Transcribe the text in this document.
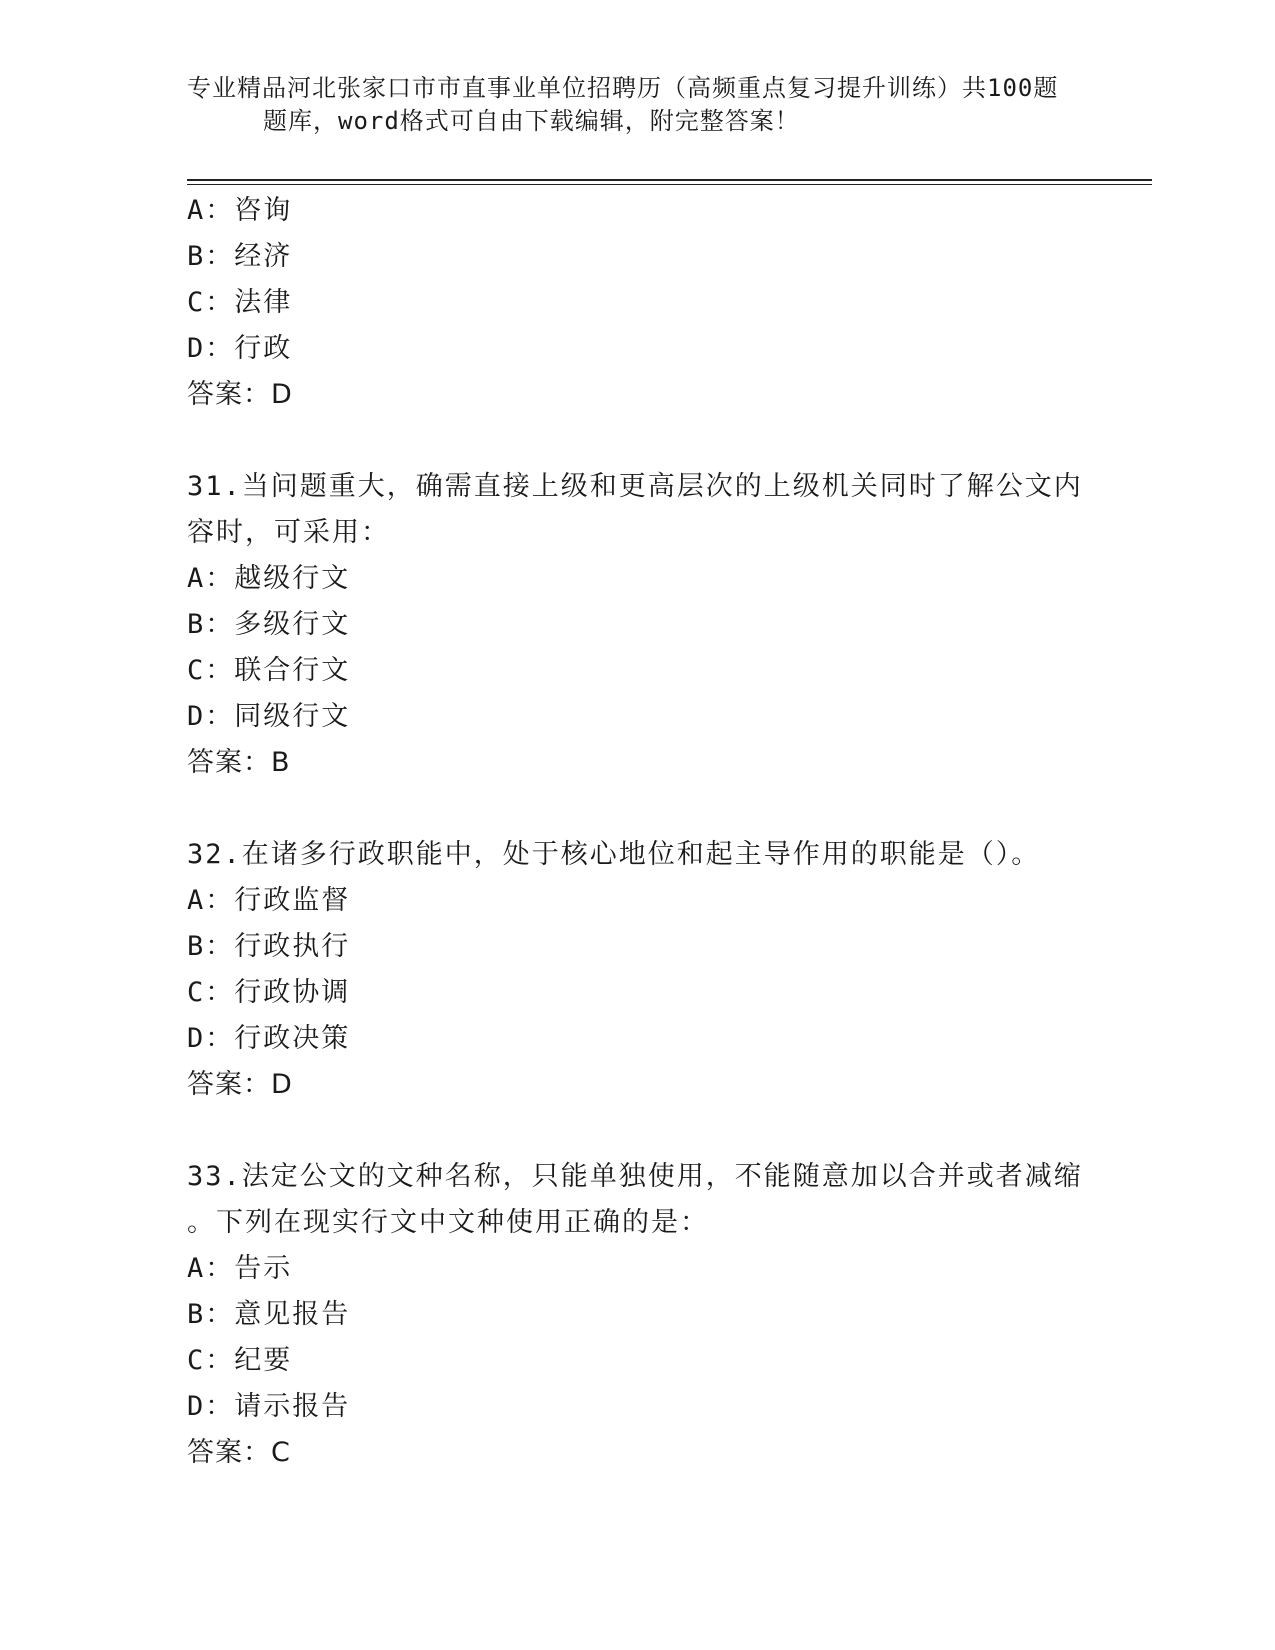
专业精品河北张家口市市直事业单位招聘历（高频重点复习提升训练）共100题
题库，word格式可自由下载编辑，附完整答案！
A：咨询
B：经济
C：法律
D：行政
答案：D
31.当问题重大，确需直接上级和更高层次的上级机关同时了解公文内
容时，可采用：
A：越级行文
B：多级行文
C：联合行文
D：同级行文
答案：B
32.在诸多行政职能中，处于核心地位和起主导作用的职能是（）。
A：行政监督
B：行政执行
C：行政协调
D：行政决策
答案：D
33.法定公文的文种名称，只能单独使用，不能随意加以合并或者减缩
。下列在现实行文中文种使用正确的是：
A：告示
B：意见报告
C：纪要
D：请示报告
答案：C
